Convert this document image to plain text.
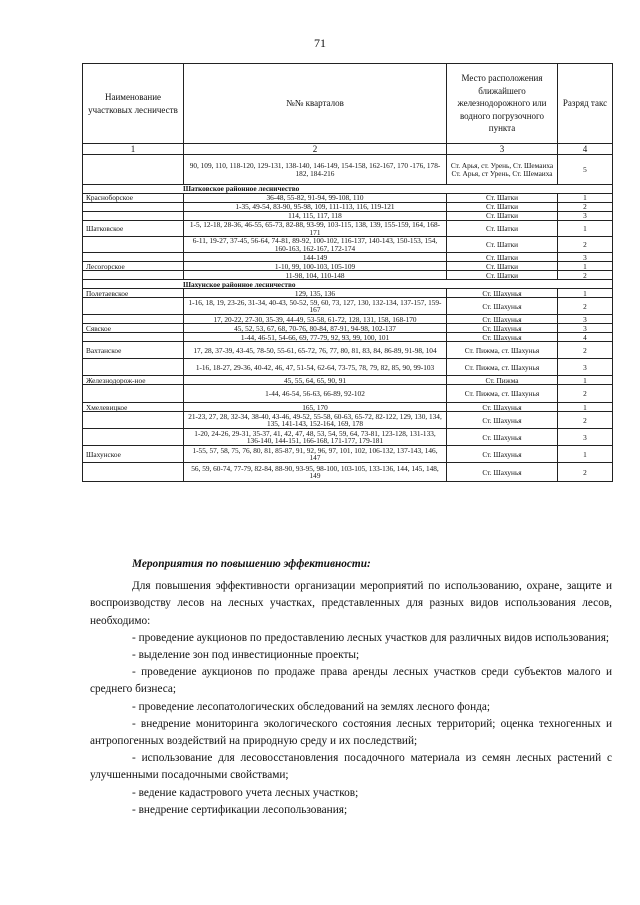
71
Наименование участковых лесничеств	№№ кварталов	Место расположения ближайшего железнодорожного или водного погрузочного пункта	Разряд такс
1	2	3	4
	90, 109, 110, 118-120, 129-131, 138-140, 146-149, 154-158, 162-167, 170 -176, 178-182, 184-216	Ст. Арья, ст. Урень, Ст. Шемаиха Ст. Арья, ст Урень, Ст. Шемаиха	5
Шатковское районное лесничество			
Красноборское	36-48, 55-82, 91-94, 99-108, 110	Ст. Шатки	1
	1-35, 49-54, 83-90, 95-98, 109, 111-113, 116, 119-121	Ст. Шатки	2
	114, 115, 117, 118	Ст. Шатки	3
Шатковское	1-5, 12-18, 28-36, 46-55, 65-73, 82-88, 93-99, 103-115, 138, 139, 155-159, 164, 168-171	Ст. Шатки	1
	6-11, 19-27, 37-45, 56-64, 74-81, 89-92, 100-102, 116-137, 140-143, 150-153, 154, 160-163, 162-167, 172-174	Ст. Шатки	2
	144-149	Ст. Шатки	3
Лесогорское	1-10, 99, 100-103, 105-109	Ст. Шатки	1
	11-98, 104, 110-148	Ст. Шатки	2
Шахунское районное лесничество			
Полетаевское	129, 135, 136	Ст. Шахунья	1
	1-16, 18, 19, 23-26, 31-34, 40-43, 50-52, 59, 60, 73, 127, 130, 132-134, 137-157, 159-167	Ст. Шахунья	2
	17, 20-22, 27-30, 35-39, 44-49, 53-58, 61-72, 128, 131, 158, 168-170	Ст. Шахунья	3
Сявское	45, 52, 53, 67, 68, 70-76, 80-84, 87-91, 94-98, 102-137	Ст. Шахунья	3
	1-44, 46-51, 54-66, 69, 77-79, 92, 93, 99, 100, 101	Ст. Шахунья	4
Вахтанское	17, 28, 37-39, 43-45, 78-50, 55-61, 65-72, 76, 77, 80, 81, 83, 84, 86-89, 91-98, 104	Ст. Пижма, ст. Шахунья	2
	1-16, 18-27, 29-36, 40-42, 46, 47, 51-54, 62-64, 73-75, 78, 79, 82, 85, 90, 99-103	Ст. Пижма, ст. Шахунья	3
Железнодорож-ное	45, 55, 64, 65, 90, 91	Ст. Пижма	1
	1-44, 46-54, 56-63, 66-89, 92-102	Ст. Пижма, ст. Шахунья	2
Хмелевицкое	165, 170	Ст. Шахунья	1
	21-23, 27, 28, 32-34, 38-40, 43-46, 49-52, 55-58, 60-63, 65-72, 82-122, 129, 130, 134, 135, 141-143, 152-164, 169, 178	Ст. Шахунья	2
	1-20, 24-26, 29-31, 35-37, 41, 42, 47, 48, 53, 54, 59, 64, 73-81, 123-128, 131-133, 136-140, 144-151, 166-168, 171-177, 179-181	Ст. Шахунья	3
Шахунское	1-55, 57, 58, 75, 76, 80, 81, 85-87, 91, 92, 96, 97, 101, 102, 106-132, 137-143, 146, 147	Ст. Шахунья	1
	56, 59, 60-74, 77-79, 82-84, 88-90, 93-95, 98-100, 103-105, 133-136, 144, 145, 148, 149	Ст. Шахунья	2

Мероприятия по повышению эффективности:

Для повышения эффективности организации мероприятий по использованию, охране, защите и воспроизводству лесов на лесных участках, представленных для разных видов использования лесов, необходимо:

- проведение аукционов по предоставлению лесных участков для различных видов использования;

- выделение зон под инвестиционные проекты;

- проведение аукционов по продаже права аренды лесных участков среди субъектов малого и среднего бизнеса;

- проведение лесопатологических обследований на землях лесного фонда;

- внедрение мониторинга экологического состояния лесных территорий; оценка техногенных и антропогенных воздействий на природную среду и их последствий;

- использование для лесовосстановления посадочного материала из семян лесных растений с улучшенными посадочными свойствами;

- ведение кадастрового учета лесных участков;

- внедрение сертификации лесопользования;
